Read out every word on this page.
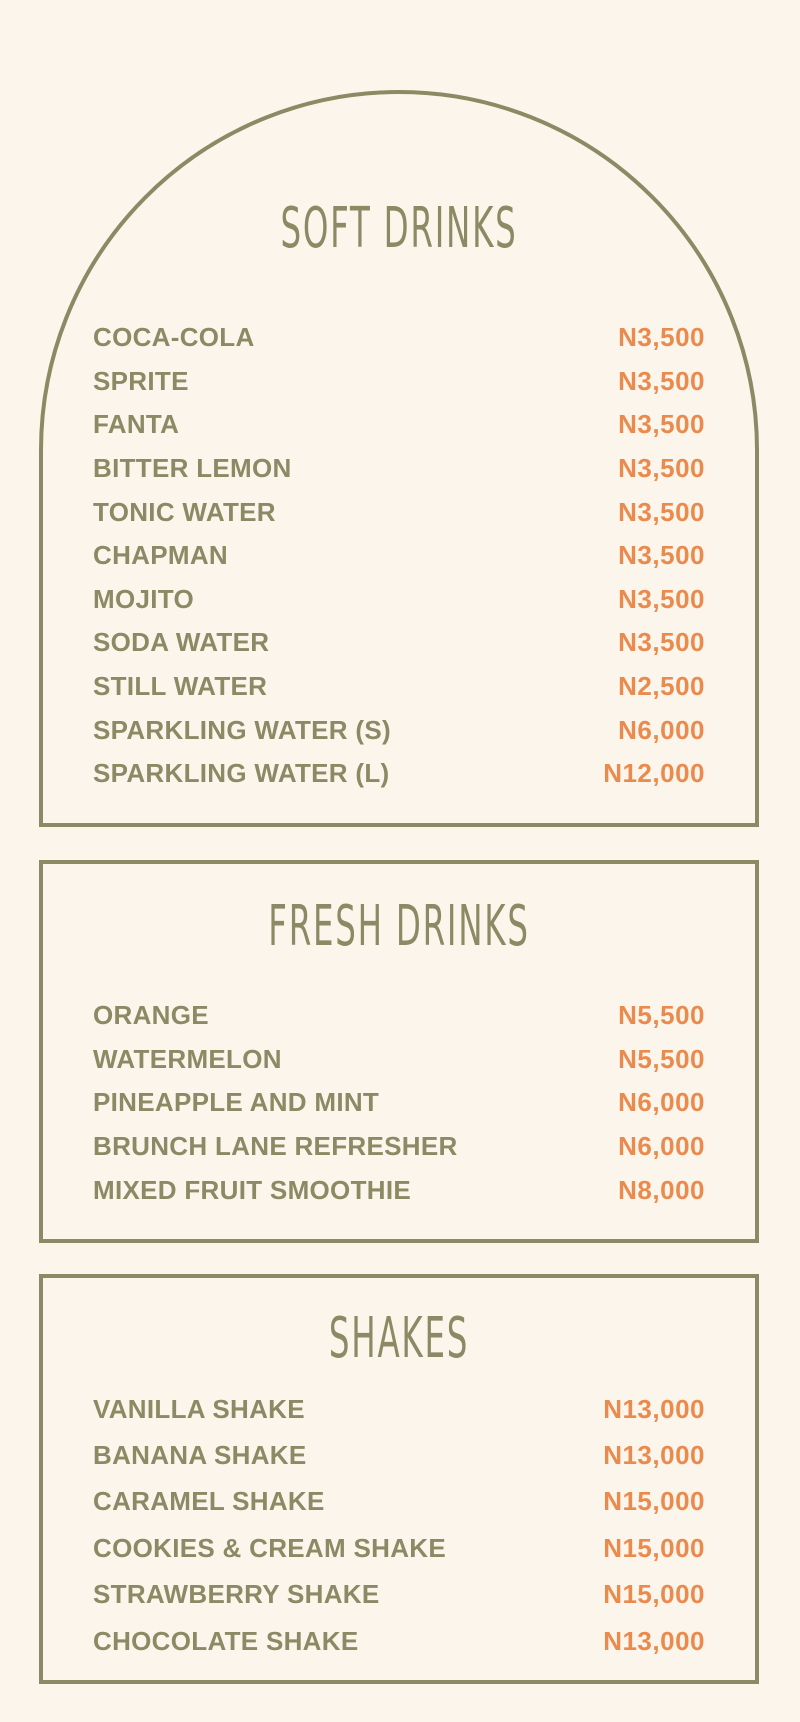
SOFT DRINKS
COCA-COLA	N3,500
SPRITE	N3,500
FANTA	N3,500
BITTER LEMON	N3,500
TONIC WATER	N3,500
CHAPMAN	N3,500
MOJITO	N3,500
SODA WATER	N3,500
STILL WATER	N2,500
SPARKLING WATER (S)	N6,000
SPARKLING WATER (L)	N12,000
FRESH DRINKS
ORANGE	N5,500
WATERMELON	N5,500
PINEAPPLE AND MINT	N6,000
BRUNCH LANE REFRESHER	N6,000
MIXED FRUIT SMOOTHIE	N8,000
SHAKES
VANILLA SHAKE	N13,000
BANANA SHAKE	N13,000
CARAMEL SHAKE	N15,000
COOKIES & CREAM SHAKE	N15,000
STRAWBERRY SHAKE	N15,000
CHOCOLATE SHAKE	N13,000
